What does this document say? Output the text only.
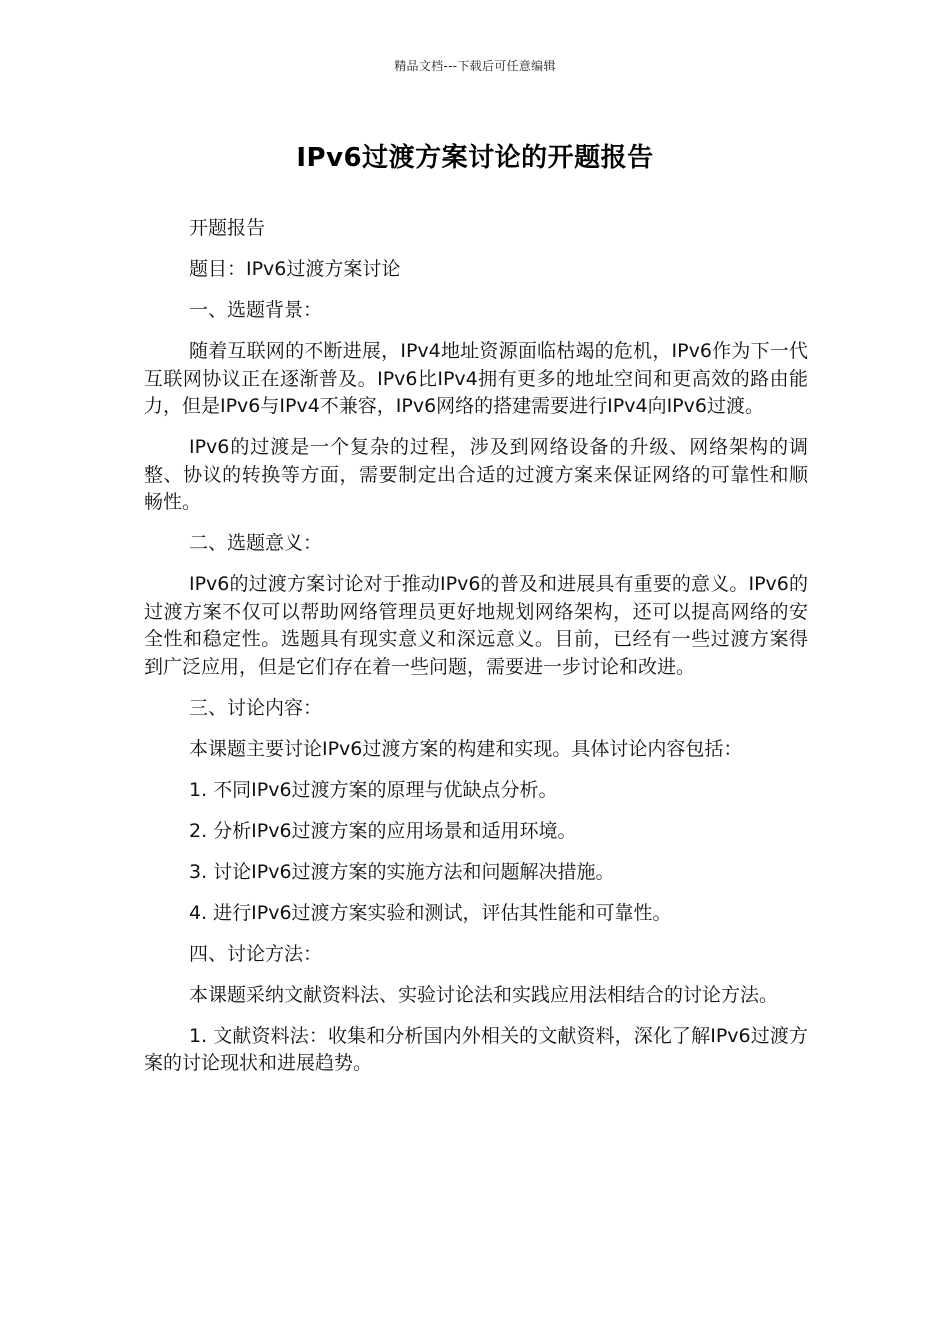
精品文档---下载后可任意编辑
IPv6过渡方案讨论的开题报告

开题报告

题目：IPv6过渡方案讨论

一、选题背景：

随着互联网的不断进展，IPv4地址资源面临枯竭的危机，IPv6作为下一代互联网协议正在逐渐普及。IPv6比IPv4拥有更多的地址空间和更高效的路由能力，但是IPv6与IPv4不兼容，IPv6网络的搭建需要进行IPv4向IPv6过渡。

IPv6的过渡是一个复杂的过程，涉及到网络设备的升级、网络架构的调整、协议的转换等方面，需要制定出合适的过渡方案来保证网络的可靠性和顺畅性。

二、选题意义：

IPv6的过渡方案讨论对于推动IPv6的普及和进展具有重要的意义。IPv6的过渡方案不仅可以帮助网络管理员更好地规划网络架构，还可以提高网络的安全性和稳定性。选题具有现实意义和深远意义。目前，已经有一些过渡方案得到广泛应用，但是它们存在着一些问题，需要进一步讨论和改进。

三、讨论内容：

本课题主要讨论IPv6过渡方案的构建和实现。具体讨论内容包括：

1. 不同IPv6过渡方案的原理与优缺点分析。

2. 分析IPv6过渡方案的应用场景和适用环境。

3. 讨论IPv6过渡方案的实施方法和问题解决措施。

4. 进行IPv6过渡方案实验和测试，评估其性能和可靠性。

四、讨论方法：

本课题采纳文献资料法、实验讨论法和实践应用法相结合的讨论方法。

1. 文献资料法：收集和分析国内外相关的文献资料，深化了解IPv6过渡方案的讨论现状和进展趋势。
